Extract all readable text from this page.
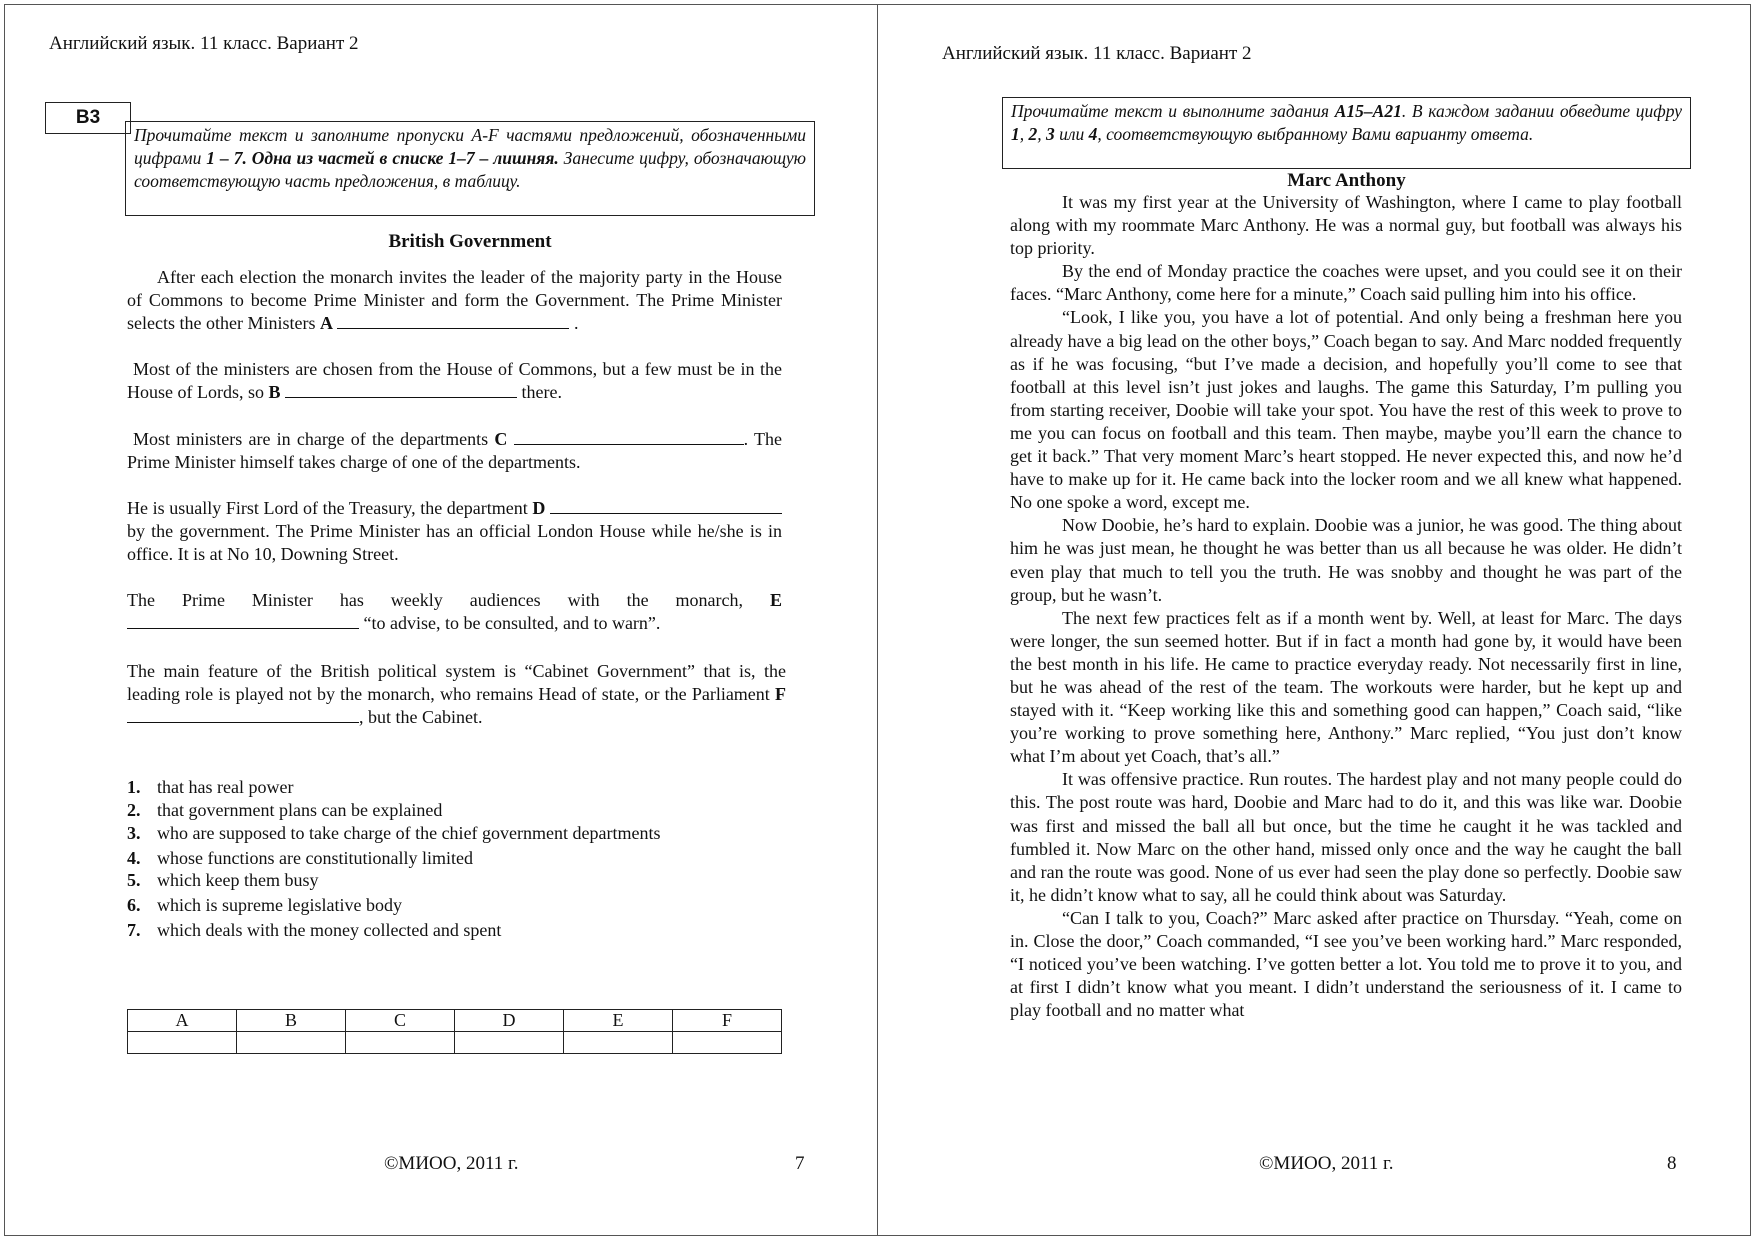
Английский язык. 11 класс. Вариант 2
B3
Прочитайте текст и заполните пропуски A-F частями предложений, обозначенными цифрами 1 – 7. Одна из частей в списке 1–7 – лишняя. Занесите цифру, обозначающую соответствующую часть предложения, в таблицу.
British Government
After each election the monarch invites the leader of the majority party in the House of Commons to become Prime Minister and form the Government. The Prime Minister selects the other Ministers A	.
Most of the ministers are chosen from the House of Commons, but a few must be in the House of Lords, so B	there.
Most ministers are in charge of the departments C	. The Prime Minister himself takes charge of one of the departments.
He is usually First Lord of the Treasury, the department D  by the government. The Prime Minister has an official London House while he/she is in office. It is at No 10, Downing Street.
The Prime Minister has weekly audiences with the monarch, E  “to advise, to be consulted, and to warn”.
The main feature of the British political system is “Cabinet Government” that is, the leading role is played not by the monarch, who remains Head of state, or the Parliament F, but the Cabinet.
1. that has real power
2. that government plans can be explained
3. who are supposed to take charge of the chief government departments
4. whose functions are constitutionally limited
5. which keep them busy
6. which is supreme legislative body
7. which deals with the money collected and spent
A	B	C	D	E	F

©МИОО, 2011 г.	7
Английский язык. 11 класс. Вариант 2
Прочитайте текст и выполните задания A15–A21. В каждом задании обведите цифру 1, 2, 3 или 4, соответствующую выбранному Вами варианту ответа.
Marc Anthony

It was my first year at the University of Washington, where I came to play football along with my roommate Marc Anthony. He was a normal guy, but football was always his top priority.

By the end of Monday practice the coaches were upset, and you could see it on their faces. “Marc Anthony, come here for a minute,” Coach said pulling him into his office.

“Look, I like you, you have a lot of potential. And only being a freshman here you already have a big lead on the other boys,” Coach began to say. And Marc nodded frequently as if he was focusing, “but I’ve made a decision, and hopefully you’ll come to see that football at this level isn’t just jokes and laughs. The game this Saturday, I’m pulling you from starting receiver, Doobie will take your spot. You have the rest of this week to prove to me you can focus on football and this team. Then maybe, maybe you’ll earn the chance to get it back.” That very moment Marc’s heart stopped. He never expected this, and now he’d have to make up for it. He came back into the locker room and we all knew what happened. No one spoke a word, except me.

Now Doobie, he’s hard to explain. Doobie was a junior, he was good. The thing about him he was just mean, he thought he was better than us all because he was older. He didn’t even play that much to tell you the truth. He was snobby and thought he was part of the group, but he wasn’t.

The next few practices felt as if a month went by. Well, at least for Marc. The days were longer, the sun seemed hotter. But if in fact a month had gone by, it would have been the best month in his life. He came to practice everyday ready. Not necessarily first in line, but he was ahead of the rest of the team. The workouts were harder, but he kept up and stayed with it. “Keep working like this and something good can happen,” Coach said, “like you’re working to prove something here, Anthony.” Marc replied, “You just don’t know what I’m about yet Coach, that’s all.”

It was offensive practice. Run routes. The hardest play and not many people could do this. The post route was hard, Doobie and Marc had to do it, and this was like war. Doobie was first and missed the ball all but once, but the time he caught it he was tackled and fumbled it. Now Marc on the other hand, missed only once and the way he caught the ball and ran the route was good. None of us ever had seen the play done so perfectly. Doobie saw it, he didn’t know what to say, all he could think about was Saturday.

“Can I talk to you, Coach?” Marc asked after practice on Thursday. “Yeah, come on in. Close the door,” Coach commanded, “I see you’ve been working hard.” Marc responded, “I noticed you’ve been watching. I’ve gotten better a lot. You told me to prove it to you, and at first I didn’t know what you meant. I didn’t understand the seriousness of it. I came to play football and no matter what

©МИОО, 2011 г.	8
